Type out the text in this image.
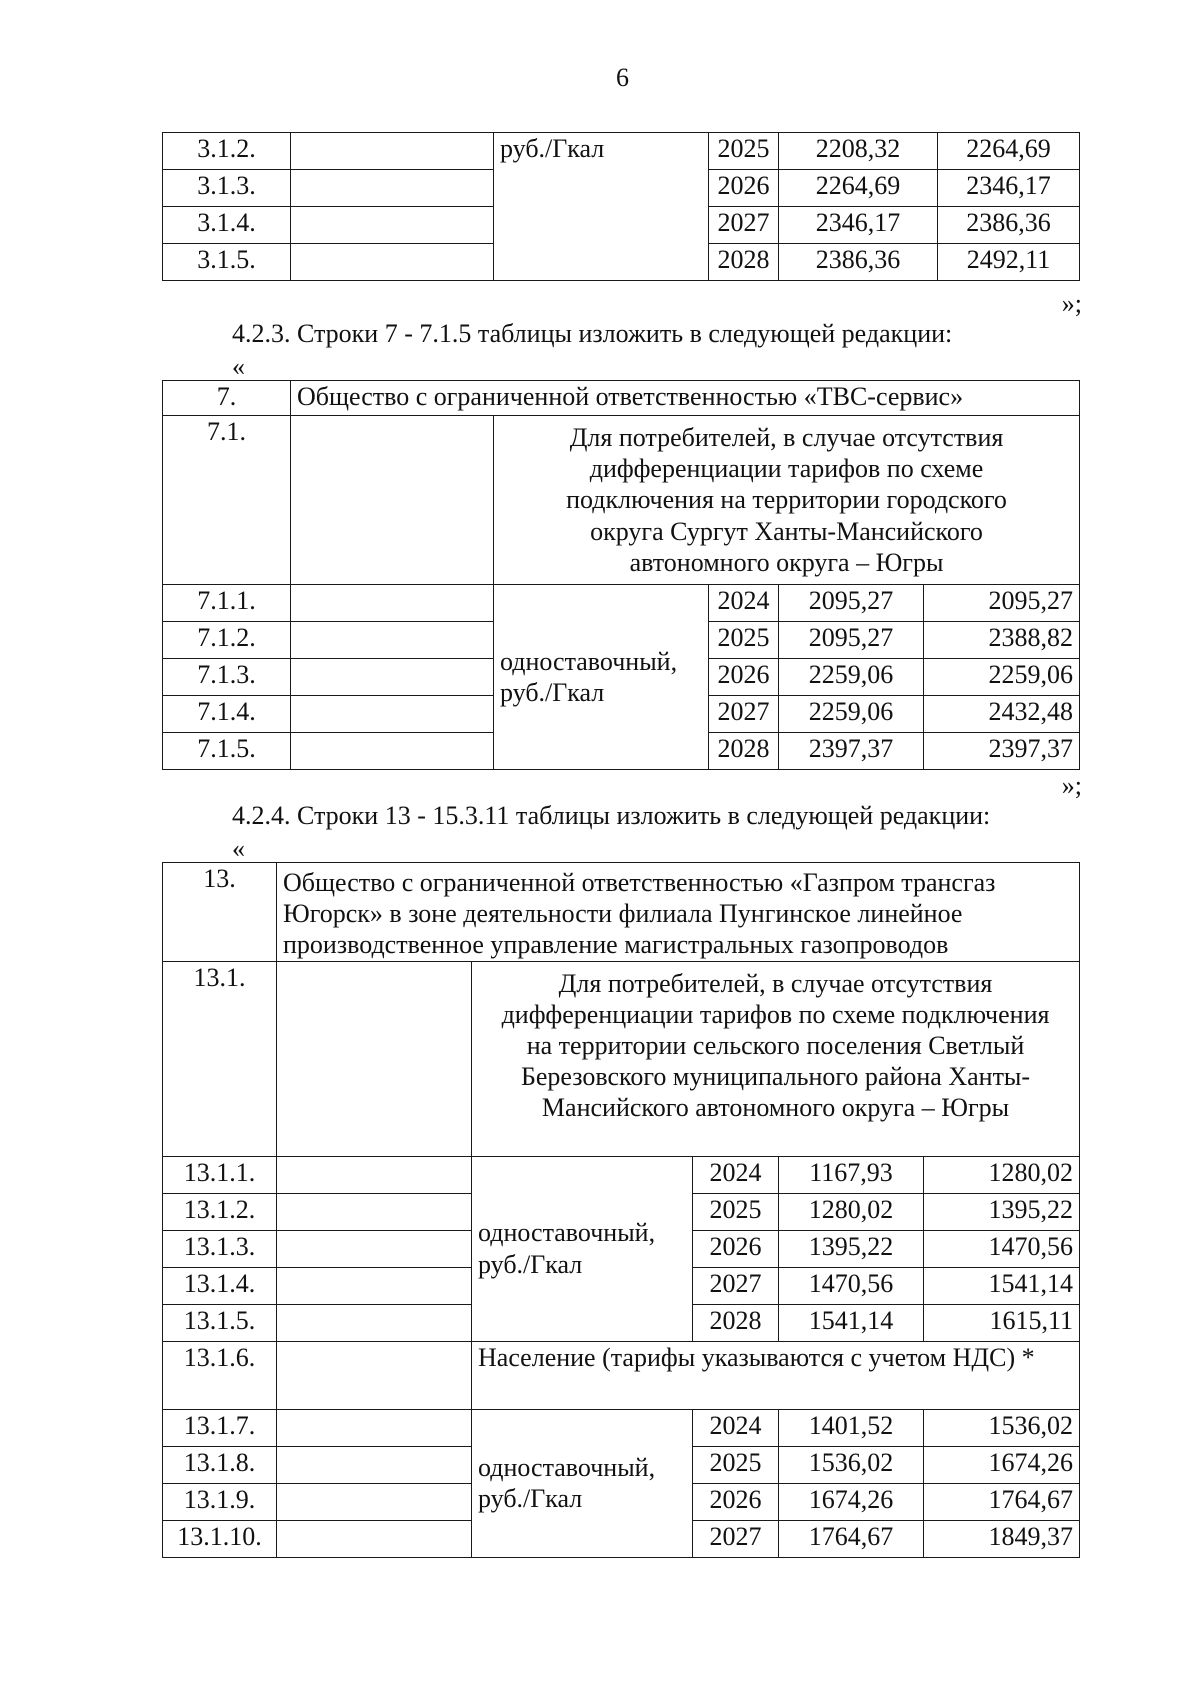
6
3.1.2.		руб./Гкал	2025	2208,32	2264,69
3.1.3.			2026	2264,69	2346,17
3.1.4.			2027	2346,17	2386,36
3.1.5.			2028	2386,36	2492,11
»;
4.2.3. Строки 7 - 7.1.5 таблицы изложить в следующей редакции:
«
7.	Общество с ограниченной ответственностью «ТВС-сервис»				
7.1.		Для потребителей, в случае отсутствия дифференциации тарифов по схеме подключения на территории городского округа Сургут Ханты-Мансийского автономного округа – Югры			
7.1.1.		одноставочный, руб./Гкал	2024	2095,27	2095,27
7.1.2.			2025	2095,27	2388,82
7.1.3.			2026	2259,06	2259,06
7.1.4.			2027	2259,06	2432,48
7.1.5.			2028	2397,37	2397,37
»;
4.2.4. Строки 13 - 15.3.11 таблицы изложить в следующей редакции:
«
13.	Общество с ограниченной ответственностью «Газпром трансгаз Югорск» в зоне деятельности филиала Пунгинское линейное производственное управление магистральных газопроводов				
13.1.		Для потребителей, в случае отсутствия дифференциации тарифов по схеме подключения на территории сельского поселения Светлый Березовского муниципального района Ханты-Мансийского автономного округа – Югры			
13.1.1.		одноставочный, руб./Гкал	2024	1167,93	1280,02
13.1.2.			2025	1280,02	1395,22
13.1.3.			2026	1395,22	1470,56
13.1.4.			2027	1470,56	1541,14
13.1.5.			2028	1541,14	1615,11
13.1.6.		Население (тарифы указываются с учетом НДС) *			
13.1.7.		одноставочный, руб./Гкал	2024	1401,52	1536,02
13.1.8.			2025	1536,02	1674,26
13.1.9.			2026	1674,26	1764,67
13.1.10.			2027	1764,67	1849,37
